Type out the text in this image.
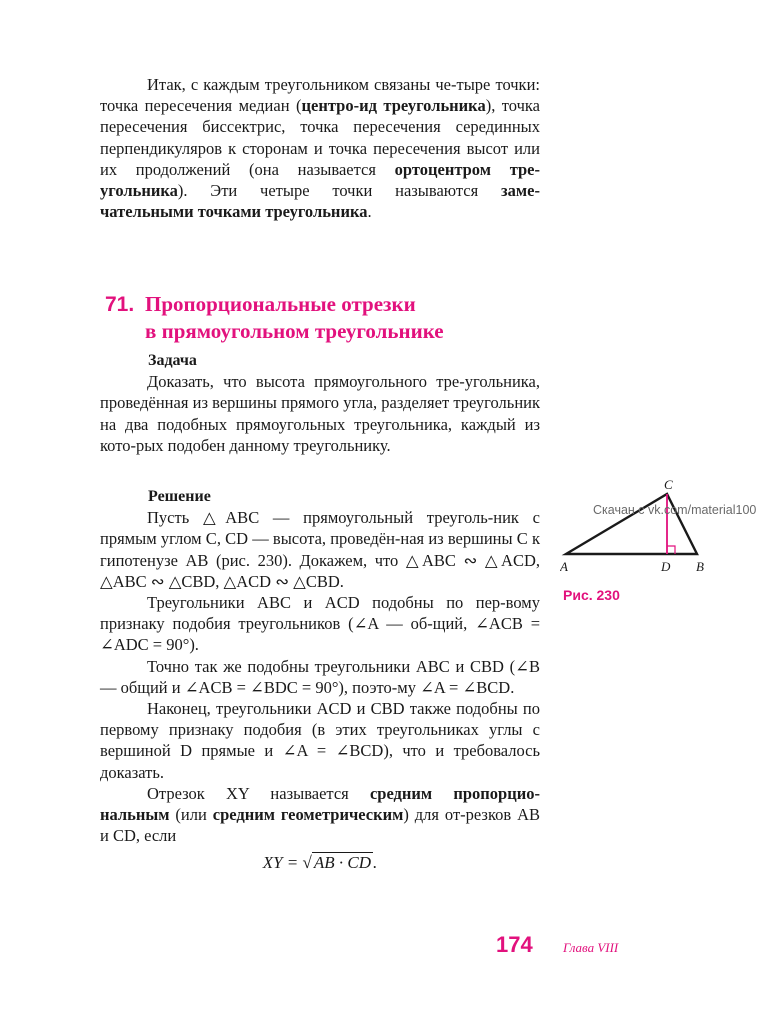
Итак, с каждым треугольником связаны че-тыре точки: точка пересечения медиан (центро-ид треугольника), точка пересечения биссектрис, точка пересечения серединных перпендикуляров к сторонам и точка пересечения высот или их продолжений (она называется ортоцентром тре-угольника). Эти четыре точки называются заме-чательными точками треугольника.

71. Пропорциональные отрезки
в прямоугольном треугольнике

Задача

Доказать, что высота прямоугольного тре-угольника, проведённая из вершины прямого угла, разделяет треугольник на два подобных прямоугольных треугольника, каждый из кото-рых подобен данному треугольнику.

Решение

Пусть △ABC — прямоугольный треуголь-ник с прямым углом C, CD — высота, проведён-ная из вершины C к гипотенузе AB (рис. 230). Докажем, что △ABC ∾ △ACD, △ABC ∾ △CBD, △ACD ∾ △CBD.

Треугольники ABC и ACD подобны по пер-вому признаку подобия треугольников (∠A — об-щий, ∠ACB = ∠ADC = 90°).

Точно так же подобны треугольники ABC и CBD (∠B — общий и ∠ACB = ∠BDC = 90°), поэто-му ∠A = ∠BCD.

Наконец, треугольники ACD и CBD также подобны по первому признаку подобия (в этих треугольниках углы с вершиной D прямые и ∠A = ∠BCD), что и требовалось доказать.

Отрезок XY называется средним пропорцио-нальным (или средним геометрическим) для от-резков AB и CD, если

XY = √ AB · CD .

A	B
C
D
Скачан с vk.com/material100
Рис. 230
174 Глава VIII
